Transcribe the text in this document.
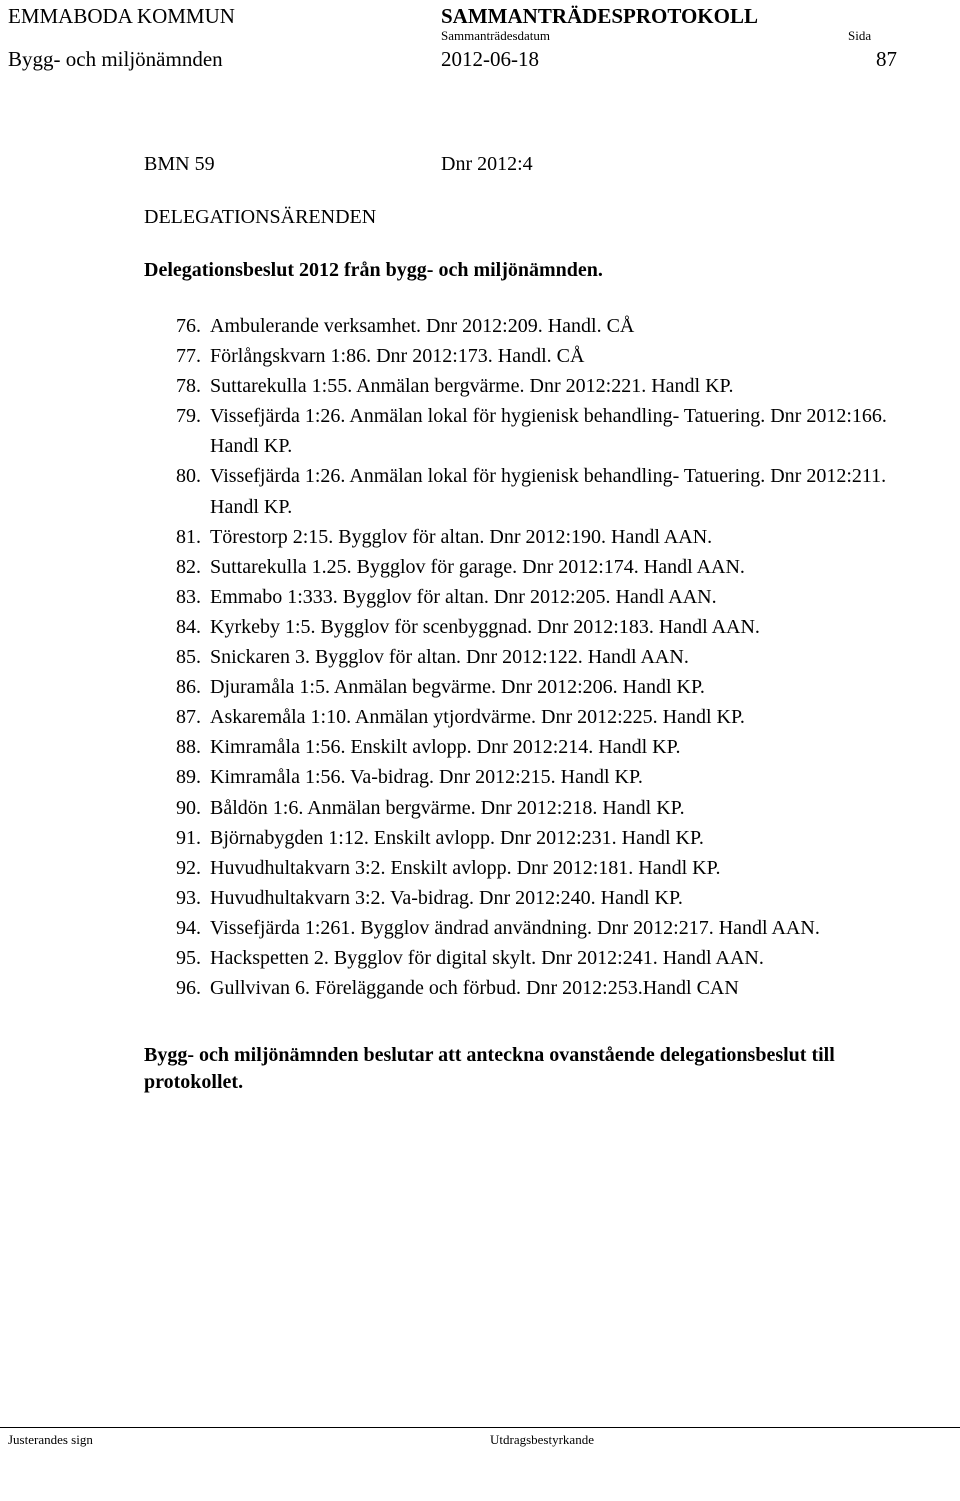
EMMABODA KOMMUN	SAMMANTRÄDESPROTOKOLL
Sammanträdesdatum	Sida
Bygg- och miljönämnden	2012-06-18	87
BMN 59	Dnr 2012:4
DELEGATIONSÄRENDEN
Delegationsbeslut 2012 från bygg- och miljönämnden.
76. Ambulerande verksamhet. Dnr 2012:209. Handl. CÅ
77. Förlångskvarn 1:86. Dnr 2012:173. Handl. CÅ
78. Suttarekulla 1:55. Anmälan bergvärme. Dnr 2012:221. Handl KP.
79. Vissefjärda 1:26. Anmälan lokal för hygienisk behandling- Tatuering. Dnr 2012:166. Handl KP.
80. Vissefjärda 1:26. Anmälan lokal för hygienisk behandling- Tatuering. Dnr 2012:211. Handl KP.
81. Törestorp 2:15. Bygglov för altan. Dnr 2012:190. Handl AAN.
82. Suttarekulla 1.25. Bygglov för garage. Dnr 2012:174. Handl AAN.
83. Emmabo 1:333. Bygglov för altan. Dnr 2012:205. Handl AAN.
84. Kyrkeby 1:5. Bygglov för scenbyggnad. Dnr 2012:183. Handl AAN.
85. Snickaren 3. Bygglov för altan. Dnr 2012:122. Handl AAN.
86. Djuramåla 1:5. Anmälan begvärme. Dnr 2012:206. Handl KP.
87. Askaremåla 1:10. Anmälan ytjordvärme. Dnr 2012:225. Handl KP.
88. Kimramåla 1:56. Enskilt avlopp. Dnr 2012:214. Handl KP.
89. Kimramåla 1:56. Va-bidrag. Dnr 2012:215. Handl KP.
90. Båldön 1:6. Anmälan bergvärme. Dnr 2012:218. Handl KP.
91. Björnabygden 1:12. Enskilt avlopp. Dnr 2012:231. Handl KP.
92. Huvudhultakvarn 3:2. Enskilt avlopp. Dnr 2012:181. Handl KP.
93. Huvudhultakvarn 3:2. Va-bidrag. Dnr 2012:240. Handl KP.
94. Vissefjärda 1:261. Bygglov ändrad användning. Dnr 2012:217. Handl AAN.
95. Hackspetten 2. Bygglov för digital skylt. Dnr 2012:241. Handl AAN.
96. Gullvivan 6. Föreläggande och förbud. Dnr 2012:253.Handl CAN
Bygg- och miljönämnden beslutar att anteckna ovanstående delegationsbeslut till protokollet.
Justerandes sign	Utdragsbestyrkande
